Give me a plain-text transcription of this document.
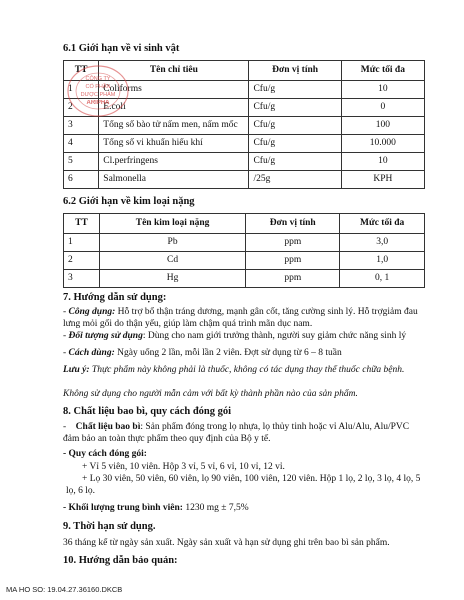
6.1 Giới hạn về vi sinh vật
TT	Tên chỉ tiêu	Đơn vị tính	Mức tối đa
1	Coliforms	Cfu/g	10
2	E.coli	Cfu/g	0
3	Tổng số bào tử nấm men, nấm mốc	Cfu/g	100
4	Tổng số vi khuẩn hiếu khí	Cfu/g	10.000
5	Cl.perfringens	Cfu/g	10
6	Salmonella	/25g	KPH
CÔNG TY
CỔ PHẦN
DƯỢC PHẨM
ARIPHA
6.2 Giới hạn về kim loại nặng
TT	Tên kim loại nặng	Đơn vị tính	Mức tối đa
1	Pb	ppm	3,0
2	Cd	ppm	1,0
3	Hg	ppm	0, 1
7. Hướng dẫn sử dụng:
- Công dụng: Hỗ trợ bổ thận tráng dương, mạnh gân cốt, tăng cường sinh lý. Hỗ trợgiảm đau lưng mỏi gối do thận yếu, giúp làm chậm quá trình mãn dục nam.
- Đối tượng sử dụng: Dùng cho nam giới trưởng thành, người suy giảm chức năng sinh lý
- Cách dùng: Ngày uống 2 lần, mỗi lần 2 viên. Đợt sử dụng từ 6 – 8 tuần
Lưu ý: Thực phẩm này không phải là thuốc, không có tác dụng thay thế thuốc chữa bệnh.
Không sử dụng cho người mẫn cảm với bất kỳ thành phần nào của sản phẩm.
8. Chất liệu bao bì, quy cách đóng gói
-    Chất liệu bao bì: Sản phẩm đóng trong lọ nhựa, lọ thủy tinh hoặc vỉ Alu/Alu, Alu/PVC đảm bảo an toàn thực phẩm theo quy định của Bộ y tế.
- Quy cách đóng gói:
+ Vỉ 5 viên, 10 viên. Hộp 3 vỉ, 5 vỉ, 6 vỉ, 10 vỉ, 12 vỉ.
+ Lọ 30 viên, 50 viên, 60 viên, lọ 90 viên, 100 viên, 120 viên. Hộp 1 lọ, 2 lọ, 3 lọ, 4 lọ, 5 lọ, 6 lọ.
- Khối lượng trung bình viên: 1230 mg ± 7,5%
9. Thời hạn sử dụng.
36 tháng kể từ ngày sản xuất. Ngày sản xuất và hạn sử dụng ghi trên bao bì sản phẩm.
10. Hướng dẫn bảo quản:
MA HO SO: 19.04.27.36160.DKCB
